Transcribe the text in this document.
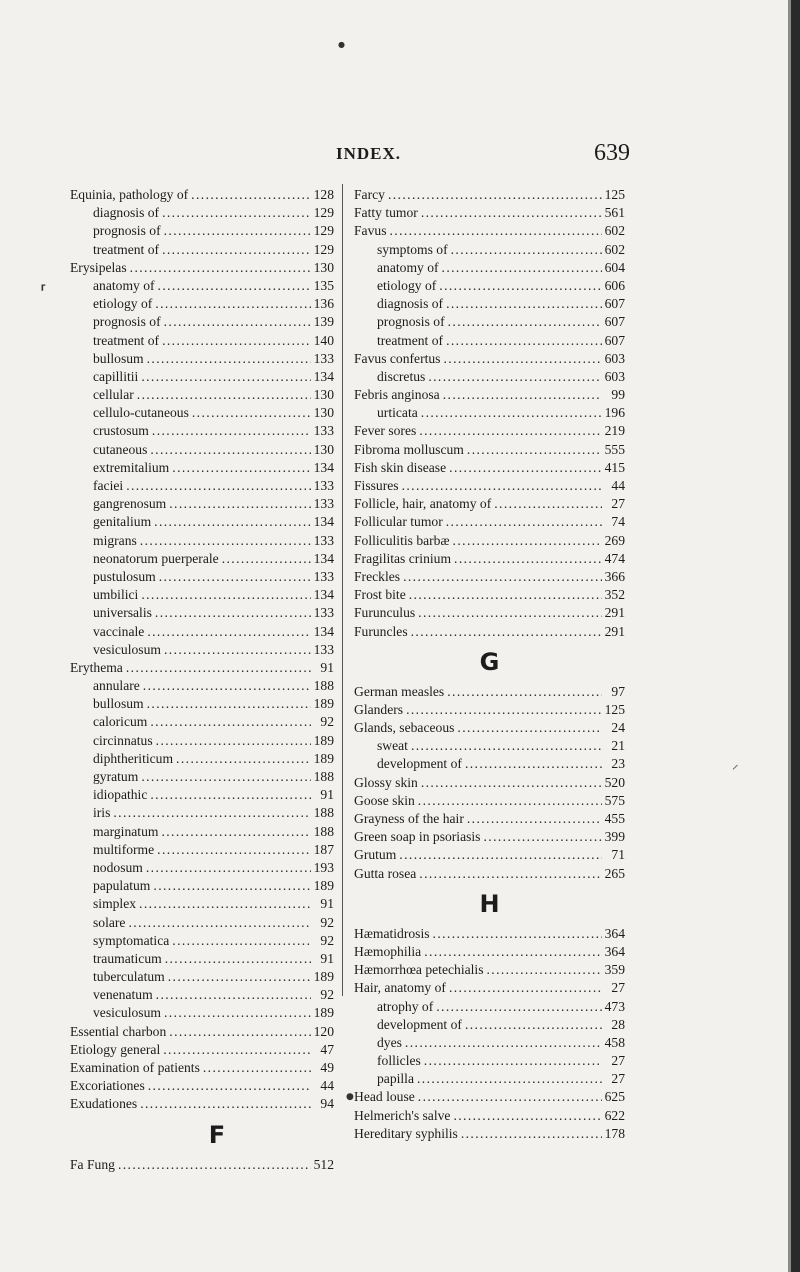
INDEX.	639
Equinia, pathology of . . .	128
diagnosis of . . .	129
prognosis of . . .	129
treatment of . . .	129
Erysipelas . . .	130
anatomy of . . .	135
etiology of . . .	136
prognosis of . . .	139
treatment of . . .	140
bullosum . . .	133
capillitii . . .	134
cellular . . .	130
cellulo-cutaneous . . .	130
crustosum . . .	133
cutaneous . . .	130
extremitalium . . .	134
faciei . . .	133
gangrenosum . . .	133
genitalium . . .	134
migrans . . .	133
neonatorum puerperale . . .	134
pustulosum . . .	133
umbilici . . .	134
universalis . . .	133
vaccinale . . .	134
vesiculosum . . .	133
Erythema . . .	91
annulare . . .	188
bullosum . . .	189
caloricum . . .	92
circinnatus . . .	189
diphtheriticum . . .	189
gyratum . . .	188
idiopathic . . .	91
iris . . .	188
marginatum . . .	188
multiforme . . .	187
nodosum . . .	193
papulatum . . .	189
simplex . . .	91
solare . . .	92
symptomatica . . .	92
traumaticum . . .	91
tuberculatum . . .	189
venenatum . . .	92
vesiculosum . . .	189
Essential charbon . . .	120
Etiology general . . .	47
Examination of patients . . .	49
Excoriationes . . .	44
Exudationes . . .	94
F
Fa Fung . . .	512
Farcy . . .	125
Fatty tumor . . .	561
Favus . . .	602
symptoms of . . .	602
anatomy of . . .	604
etiology of . . .	606
diagnosis of . . .	607
prognosis of . . .	607
treatment of . . .	607
Favus confertus . . .	603
discretus . . .	603
Febris anginosa . . .	99
urticata . . .	196
Fever sores . . .	219
Fibroma molluscum . . .	555
Fish skin disease . . .	415
Fissures . . .	44
Follicle, hair, anatomy of . . .	27
Follicular tumor . . .	74
Folliculitis barbæ . . .	269
Fragilitas crinium . . .	474
Freckles . . .	366
Frost bite . . .	352
Furunculus . . .	291
Furuncles . . .	291
G
German measles . . .	97
Glanders . . .	125
Glands, sebaceous . . .	24
sweat . . .	21
development of . . .	23
Glossy skin . . .	520
Goose skin . . .	575
Grayness of the hair . . .	455
Green soap in psoriasis . . .	399
Grutum . . .	71
Gutta rosea . . .	265
H
Hæmatidrosis . . .	364
Hæmophilia . . .	364
Hæmorrhœa petechialis . . .	359
Hair, anatomy of . . .	27
atrophy of . . .	473
development of . . .	28
dyes . . .	458
follicles . . .	27
papilla . . .	27
Head louse . . .	625
Helmerich's salve . . .	622
Hereditary syphilis . . .	178
⸢
●
●
⸍
